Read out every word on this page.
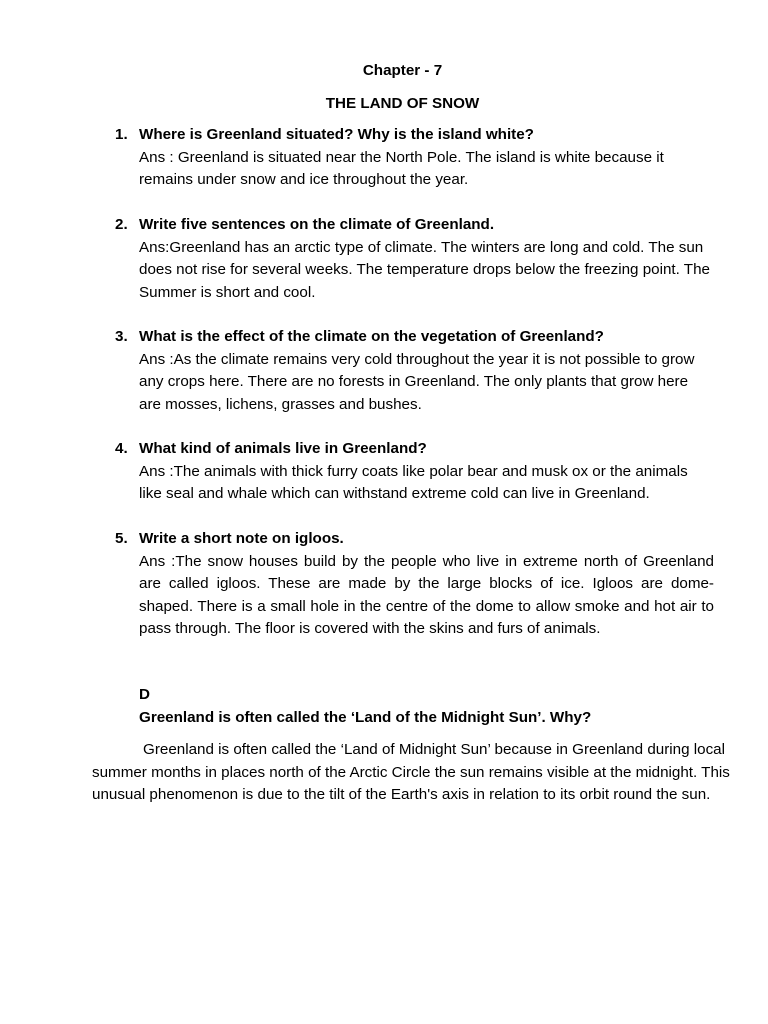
Chapter - 7
THE LAND OF SNOW
1. Where is Greenland situated? Why is the island white?
Ans : Greenland is situated near the North Pole. The island is white because it remains under snow and ice throughout the year.
2. Write five sentences on the climate of Greenland.
Ans:Greenland has an arctic type of climate. The winters are long and cold. The sun does not rise for several weeks. The temperature drops below the freezing point. The Summer is short and cool.
3. What is the effect of the climate on the vegetation of Greenland?
Ans :As the climate remains very cold throughout the year it is not possible to grow any crops here. There are no forests in Greenland. The only plants that grow here are mosses, lichens, grasses and bushes.
4. What kind of animals live in Greenland?
Ans :The animals with thick furry coats like polar bear and musk ox or the animals like seal and whale which can withstand extreme cold can live in Greenland.
5. Write a short note on igloos.
Ans :The snow houses build by the people who live in extreme north of Greenland are called igloos. These are made by the large blocks of ice. Igloos are dome-shaped. There is a small hole in the centre of the dome to allow smoke and hot air to pass through. The floor is covered with the skins and furs of animals.
D
Greenland is often called the ‘Land of the Midnight Sun’. Why?
Greenland is often called the ‘Land of Midnight Sun’ because in Greenland during local summer months in places north of the Arctic Circle the sun remains visible at the midnight. This unusual phenomenon is due to the tilt of the Earth's axis in relation to its orbit round the sun.
